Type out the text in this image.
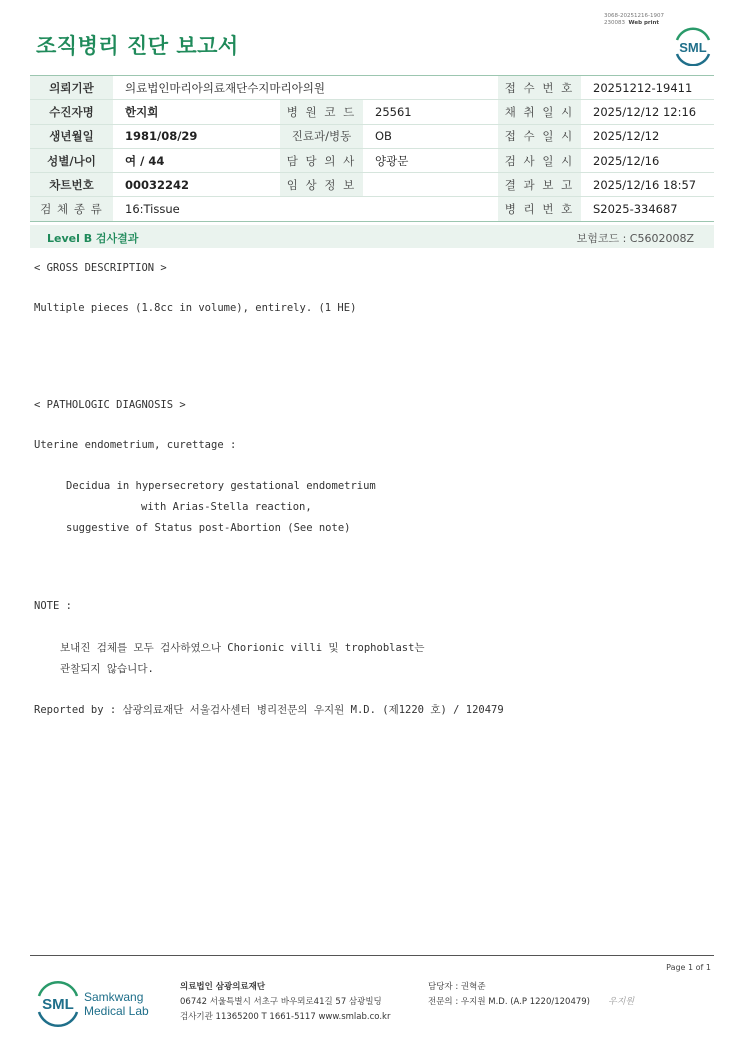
3068-20251216-1907
230083 Web print
조직병리 진단 보고서	SML
의뢰기관	의료법인마리아의료재단수지마리아의원			접 수 번 호	20251212-19411
수진자명	한지희	병 원 코 드	25561	채 취 일 시	2025/12/12 12:16
생년월일	1981/08/29	진료과/병동	OB	접 수 일 시	2025/12/12
성별/나이	여 / 44	담 당 의 사	양광문	검 사 일 시	2025/12/16
차트번호	00032242	임 상 정 보		결 과 보 고	2025/12/16 18:57
검 체 종 류	16:Tissue			병 리 번 호	S2025-334687
Level B 검사결과	보험코드 : C5602008Z
< GROSS DESCRIPTION >
Multiple pieces (1.8cc in volume), entirely. (1 HE)
< PATHOLOGIC DIAGNOSIS >
Uterine endometrium, curettage :
Decidua in hypersecretory gestational endometrium
with Arias-Stella reaction,
suggestive of Status post-Abortion (See note)
NOTE :
보내진 검체를 모두 검사하였으나 Chorionic villi 및 trophoblast는
관찰되지 않습니다.
Reported by : 삼광의료재단 서울검사센터 병리전문의 우지원 M.D. (제1220 호) / 120479
Page 1 of 1
SML Samkwang
Medical Lab
의료법인 삼광의료재단
06742 서울특별시 서초구 바우뫼로41길 57 삼광빌딩
검사기관 11365200 T 1661-5117 www.smlab.co.kr
담당자 : 권혁준
전문의 : 우지원 M.D. (A.P 1220/120479) 우지원
